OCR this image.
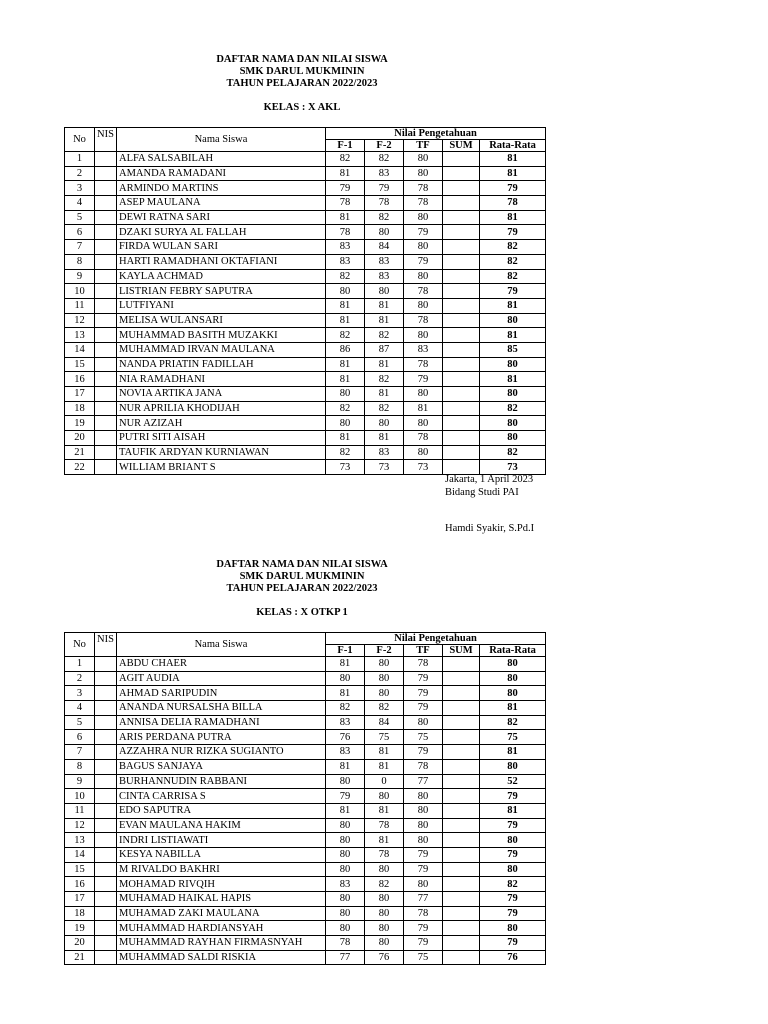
DAFTAR NAMA DAN NILAI SISWA
SMK DARUL MUKMININ
TAHUN PELAJARAN 2022/2023
KELAS : X AKL
No	NIS	Nama Siswa	Nilai Pengetahuan				
			F-1	F-2	TF	SUM	Rata-Rata
1		ALFA SALSABILAH	82	82	80		81
2		AMANDA RAMADANI	81	83	80		81
3		ARMINDO MARTINS	79	79	78		79
4		ASEP MAULANA	78	78	78		78
5		DEWI RATNA SARI	81	82	80		81
6		DZAKI SURYA AL FALLAH	78	80	79		79
7		FIRDA WULAN SARI	83	84	80		82
8		HARTI RAMADHANI OKTAFIANI	83	83	79		82
9		KAYLA ACHMAD	82	83	80		82
10		LISTRIAN FEBRY SAPUTRA	80	80	78		79
11		LUTFIYANI	81	81	80		81
12		MELISA WULANSARI	81	81	78		80
13		MUHAMMAD BASITH MUZAKKI	82	82	80		81
14		MUHAMMAD IRVAN MAULANA	86	87	83		85
15		NANDA PRIATIN FADILLAH	81	81	78		80
16		NIA RAMADHANI	81	82	79		81
17		NOVIA ARTIKA JANA	80	81	80		80
18		NUR APRILIA KHODIJAH	82	82	81		82
19		NUR AZIZAH	80	80	80		80
20		PUTRI SITI AISAH	81	81	78		80
21		TAUFIK ARDYAN KURNIAWAN	82	83	80		82
22		WILLIAM BRIANT S	73	73	73		73
Jakarta, 1 April 2023
Bidang Studi PAI
Hamdi Syakir, S.Pd.I
DAFTAR NAMA DAN NILAI SISWA
SMK DARUL MUKMININ
TAHUN PELAJARAN 2022/2023
KELAS : X OTKP 1
No	NIS	Nama Siswa	Nilai Pengetahuan				
			F-1	F-2	TF	SUM	Rata-Rata
1		ABDU CHAER	81	80	78		80
2		AGIT AUDIA	80	80	79		80
3		AHMAD SARIPUDIN	81	80	79		80
4		ANANDA NURSALSHA BILLA	82	82	79		81
5		ANNISA DELIA RAMADHANI	83	84	80		82
6		ARIS PERDANA PUTRA	76	75	75		75
7		AZZAHRA NUR RIZKA SUGIANTO	83	81	79		81
8		BAGUS SANJAYA	81	81	78		80
9		BURHANNUDIN RABBANI	80	0	77		52
10		CINTA CARRISA S	79	80	80		79
11		EDO SAPUTRA	81	81	80		81
12		EVAN MAULANA HAKIM	80	78	80		79
13		INDRI LISTIAWATI	80	81	80		80
14		KESYA NABILLA	80	78	79		79
15		M RIVALDO BAKHRI	80	80	79		80
16		MOHAMAD RIVQIH	83	82	80		82
17		MUHAMAD HAIKAL HAPIS	80	80	77		79
18		MUHAMAD ZAKI MAULANA	80	80	78		79
19		MUHAMMAD HARDIANSYAH	80	80	79		80
20		MUHAMMAD RAYHAN FIRMASNYAH	78	80	79		79
21		MUHAMMAD SALDI RISKIA	77	76	75		76
